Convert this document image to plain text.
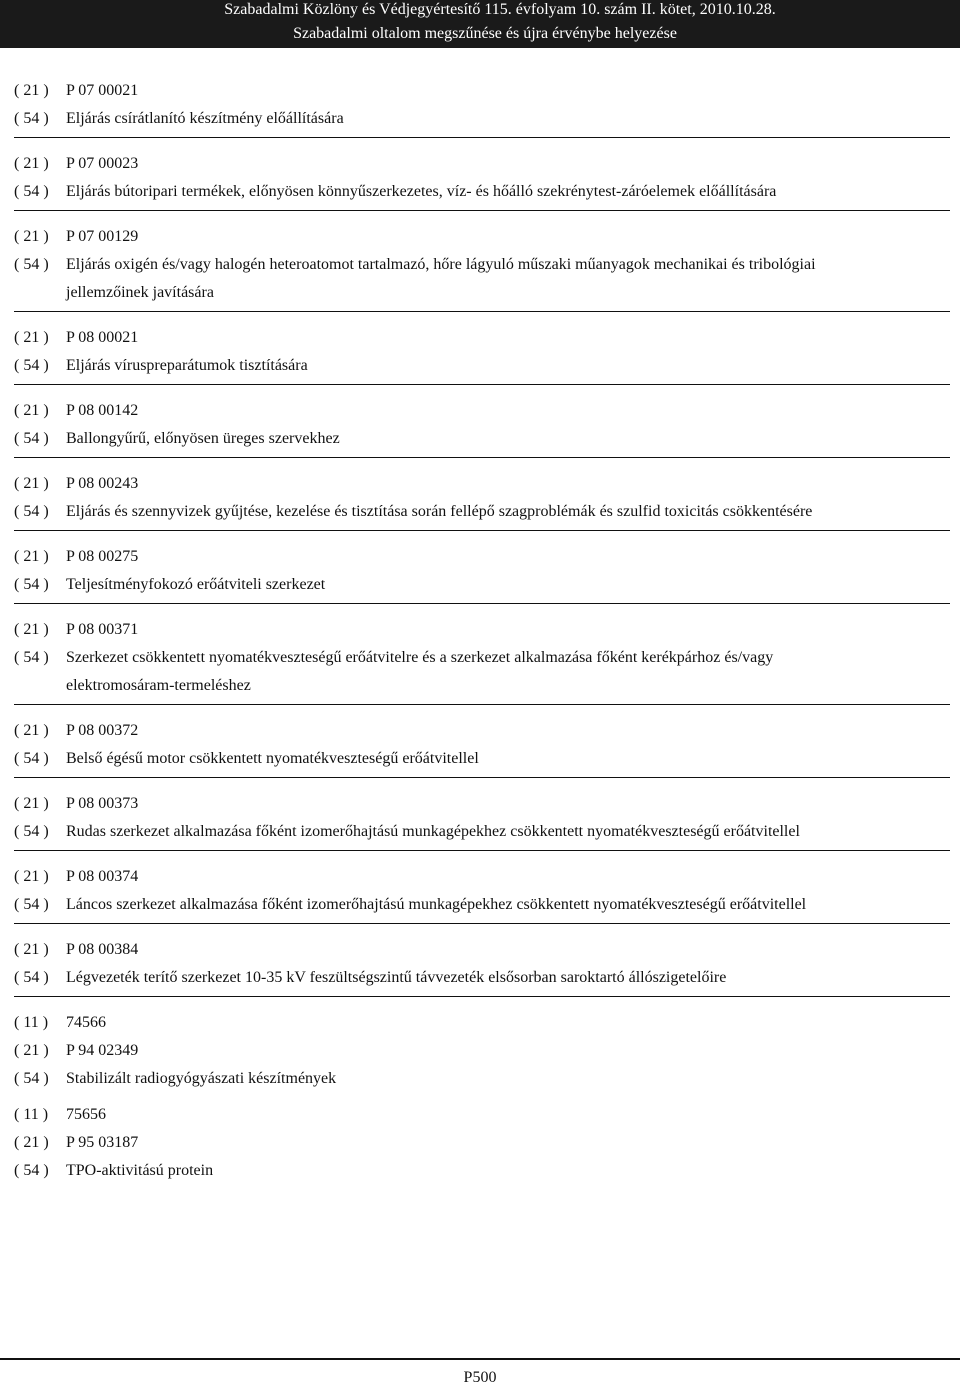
Szabadalmi Közlöny és Védjegyértesítő 115. évfolyam 10. szám II. kötet, 2010.10.28.
Szabadalmi oltalom megszűnése és újra érvénybe helyezése
( 21 )	P 07 00021
( 54 )	Eljárás csírátlanító készítmény előállítására
( 21 )	P 07 00023
( 54 )	Eljárás bútoripari termékek, előnyösen könnyűszerkezetes, víz- és hőálló szekrénytest-záróelemek előállítására
( 21 )	P 07 00129
( 54 )	Eljárás oxigén és/vagy halogén heteroatomot tartalmazó, hőre lágyuló műszaki műanyagok mechanikai és tribológiai jellemzőinek javítására
( 21 )	P 08 00021
( 54 )	Eljárás víruspreparátumok tisztítására
( 21 )	P 08 00142
( 54 )	Ballongyűrű, előnyösen üreges szervekhez
( 21 )	P 08 00243
( 54 )	Eljárás és szennyvizek gyűjtése, kezelése és tisztítása során fellépő szagproblémák és szulfid toxicitás csökkentésére
( 21 )	P 08 00275
( 54 )	Teljesítményfokozó erőátviteli szerkezet
( 21 )	P 08 00371
( 54 )	Szerkezet csökkentett nyomatékveszteségű erőátvitelre és a szerkezet alkalmazása főként kerékpárhoz és/vagy elektromosáram-termeléshez
( 21 )	P 08 00372
( 54 )	Belső égésű motor csökkentett nyomatékveszteségű erőátvitellel
( 21 )	P 08 00373
( 54 )	Rudas szerkezet alkalmazása főként izomerőhajtású munkagépekhez csökkentett nyomatékveszteségű erőátvitellel
( 21 )	P 08 00374
( 54 )	Láncos szerkezet alkalmazása főként izomerőhajtású munkagépekhez csökkentett nyomatékveszteségű erőátvitellel
( 21 )	P 08 00384
( 54 )	Légvezeték terítő szerkezet 10-35 kV feszültségszintű távvezeték elsősorban saroktartó állószigetelőire
( 11 )	74566
( 21 )	P 94 02349
( 54 )	Stabilizált radiogyógyászati készítmények
( 11 )	75656
( 21 )	P 95 03187
( 54 )	TPO-aktivitású protein
P500
